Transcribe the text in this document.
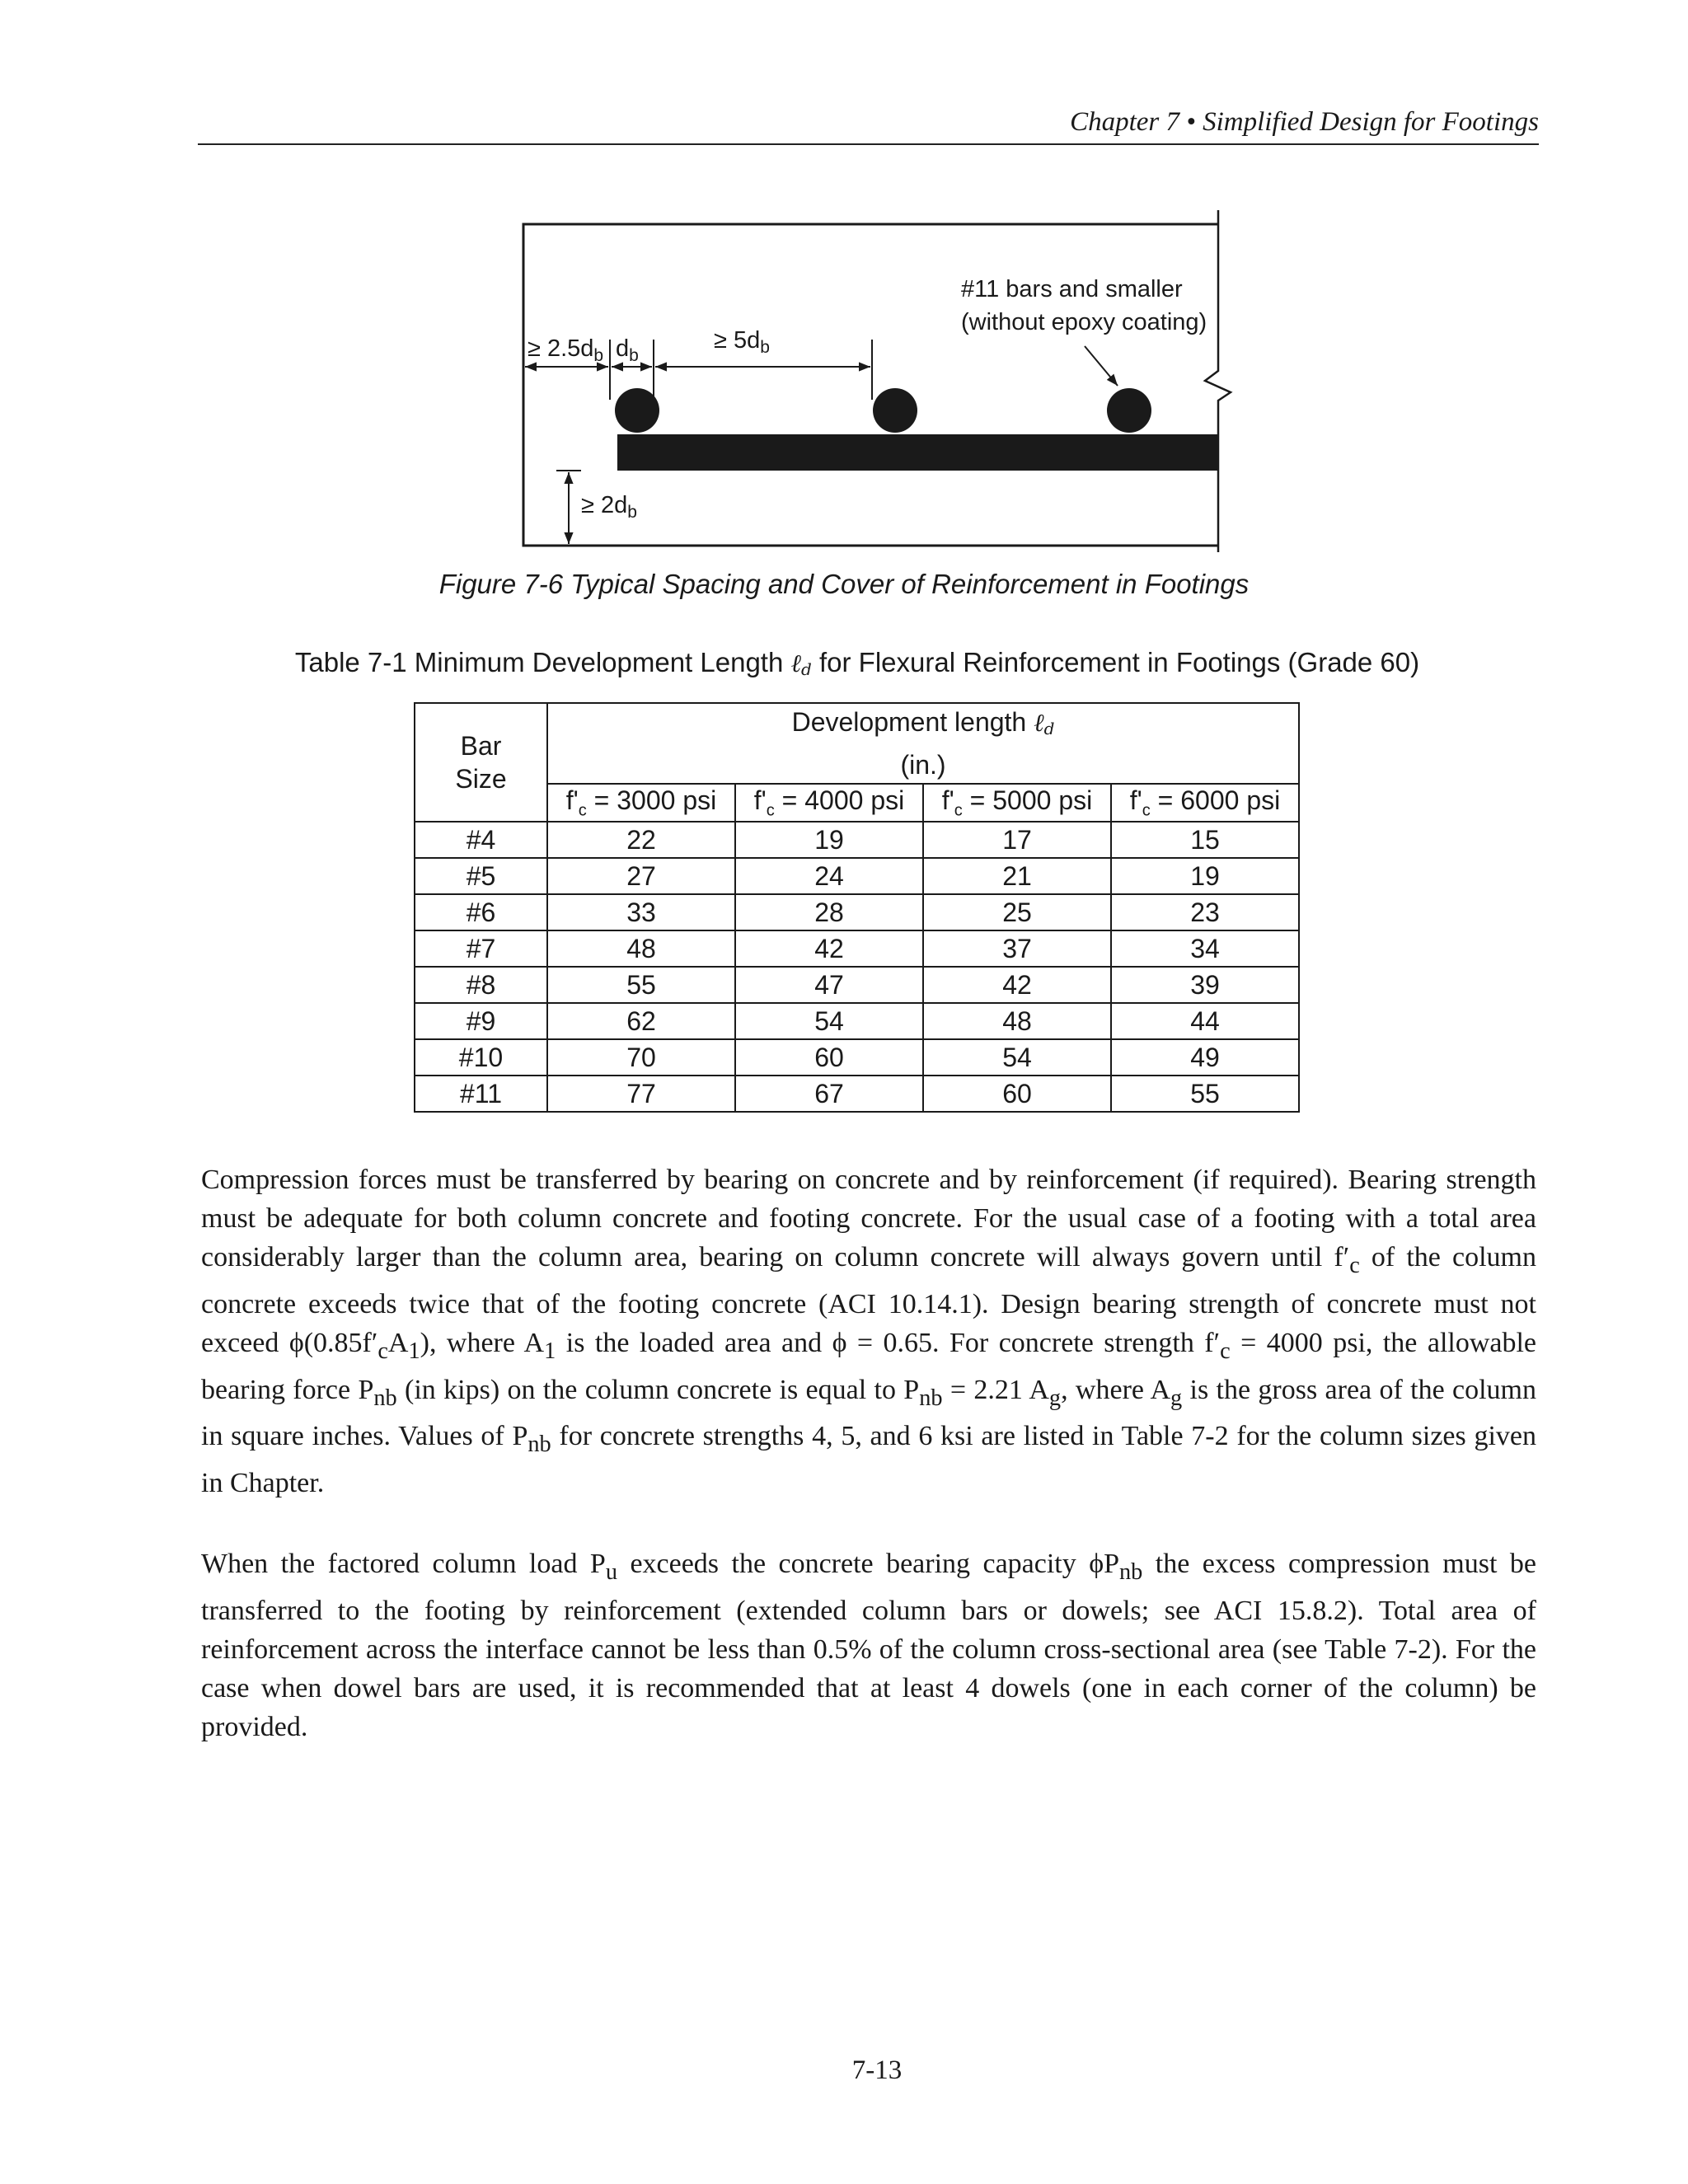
Chapter 7 • Simplified Design for Footings
≥ $2.5d_b$ $d_b$
≥ $5d_b$
≥ $2d_b$
#11 bars and smaller
(without epoxy coating)
Figure 7-6 Typical Spacing and Cover of Reinforcement in Footings
Table 7-1 Minimum Development Length ℓ$_d$ for Flexural Reinforcement in Footings (Grade 60)
Bar
Size	Development length ℓ$_d$
(in.)			
	$f'_c = 3000$ psi	$f'_c = 4000$ psi	$f'_c = 5000$ psi	$f'_c = 6000$ psi
#4	22	19	17	15
#5	27	24	21	19
#6	33	28	25	23
#7	48	42	37	34
#8	55	47	42	39
#9	62	54	48	44
#10	70	60	54	49
#11	77	67	60	55
Compression forces must be transferred by bearing on concrete and by reinforcement (if required). Bearing strength must be adequate for both column concrete and footing concrete. For the usual case of a footing with a total area considerably larger than the column area, bearing on column concrete will always govern until $f'_c$ of the column concrete exceeds twice that of the footing concrete (ACI 10.14.1). Design bearing strength of concrete must not exceed $\phi(0.85f'_cA_1)$, where $A_1$ is the loaded area and ϕ = 0.65. For concrete strength $f'_c = 4000$ psi, the allowable bearing force $P_{nb}$ (in kips) on the column concrete is equal to $P_{nb} = 2.21$ $A_g$, where $A_g$ is the gross area of the column in square inches. Values of $P_{nb}$ for concrete strengths 4, 5, and 6 ksi are listed in Table 7-2 for the column sizes given in Chapter.
When the factored column load $P_u$ exceeds the concrete bearing capacity $\phi P_{nb}$ the excess compression must be transferred to the footing by reinforcement (extended column bars or dowels; see ACI 15.8.2). Total area of reinforcement across the interface cannot be less than 0.5% of the column cross-sectional area (see Table 7-2). For the case when dowel bars are used, it is recommended that at least 4 dowels (one in each corner of the column) be provided.
7-13
